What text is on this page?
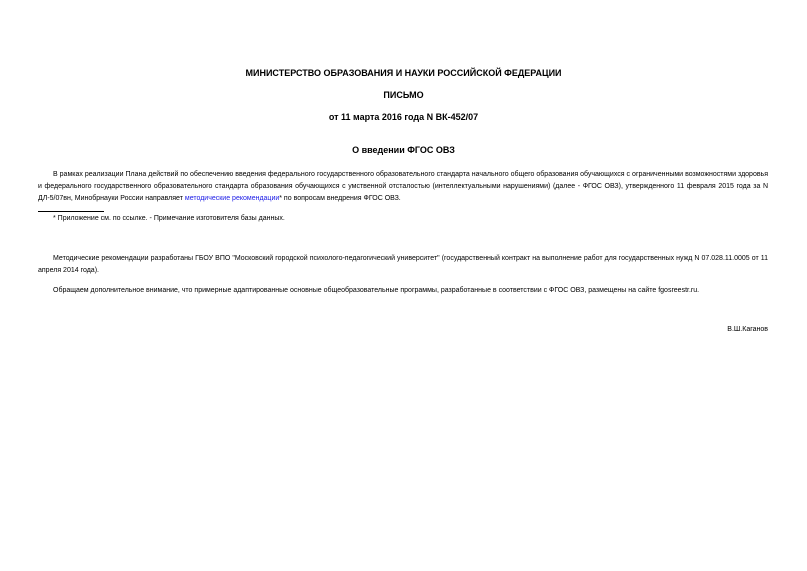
МИНИСТЕРСТВО ОБРАЗОВАНИЯ И НАУКИ РОССИЙСКОЙ ФЕДЕРАЦИИ
ПИСЬМО
от 11 марта 2016 года N ВК-452/07
О введении ФГОС ОВЗ
В рамках реализации Плана действий по обеспечению введения федерального государственного образовательного стандарта начального общего образования обучающихся с ограниченными возможностями здоровья и федерального государственного образовательного стандарта образования обучающихся с умственной отсталостью (интеллектуальными нарушениями) (далее - ФГОС ОВЗ), утвержденного 11 февраля 2015 года за N ДЛ-5/07вн, Минобрнауки России направляет методические рекомендации* по вопросам внедрения ФГОС ОВЗ.
* Приложение см. по ссылке. - Примечание изготовителя базы данных.
Методические рекомендации разработаны ГБОУ ВПО "Московский городской психолого-педагогический университет" (государственный контракт на выполнение работ для государственных нужд N 07.028.11.0005 от 11 апреля 2014 года).
Обращаем дополнительное внимание, что примерные адаптированные основные общеобразовательные программы, разработанные в соответствии с ФГОС ОВЗ, размещены на сайте fgosreestr.ru.
В.Ш.Каганов
